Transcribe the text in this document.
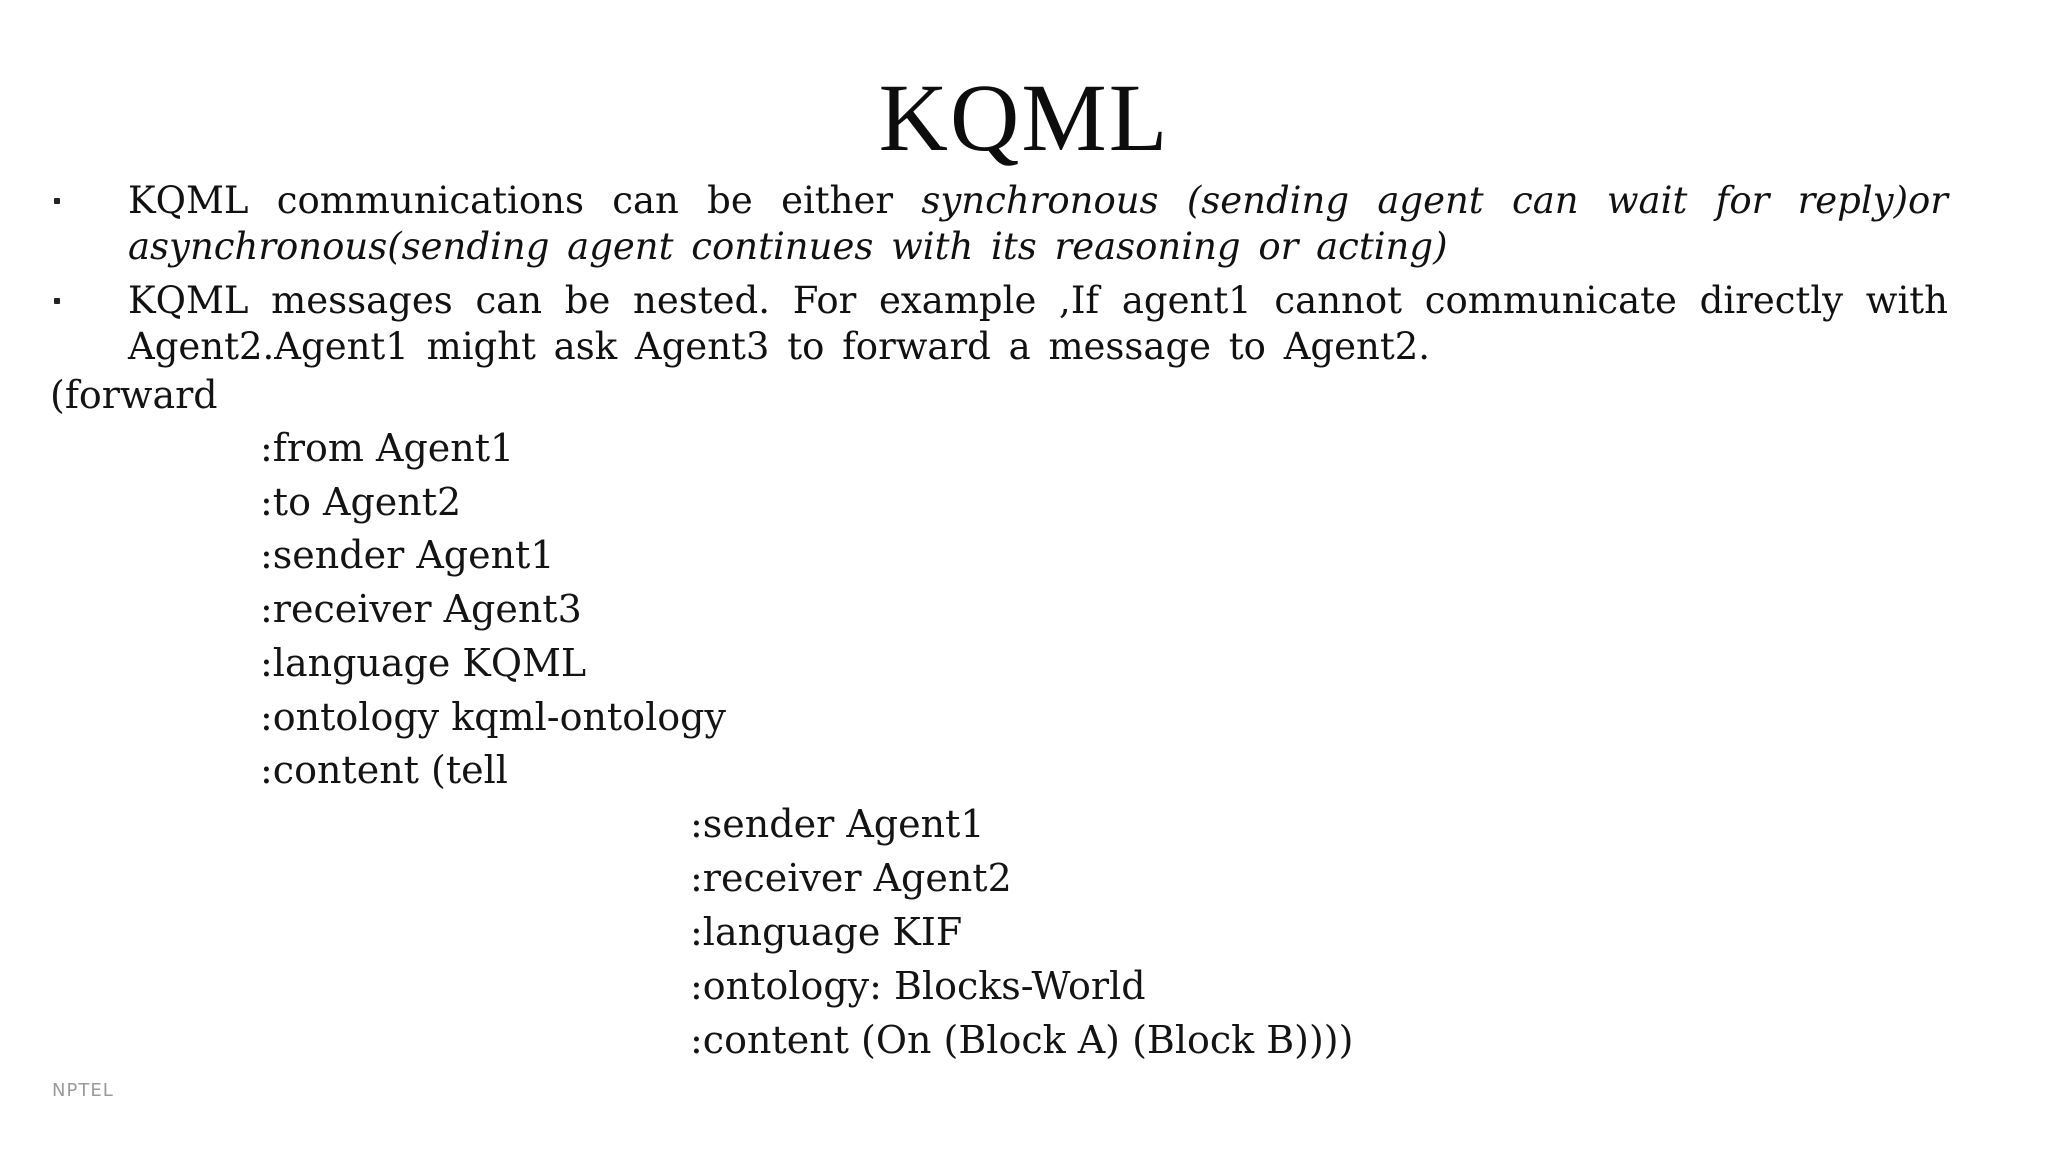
KQML
KQML communications can be either synchronous (sending agent can wait for reply)or asynchronous(sending agent continues with its reasoning or acting)
KQML messages can be nested. For example ,If agent1 cannot communicate directly with Agent2.Agent1 might ask Agent3 to forward a message to Agent2.
(forward
:from Agent1
:to Agent2
:sender Agent1
:receiver Agent3
:language KQML
:ontology kqml-ontology
:content (tell
:sender Agent1
:receiver Agent2
:language KIF
:ontology: Blocks-World
:content (On (Block A) (Block B))))
NPTEL
